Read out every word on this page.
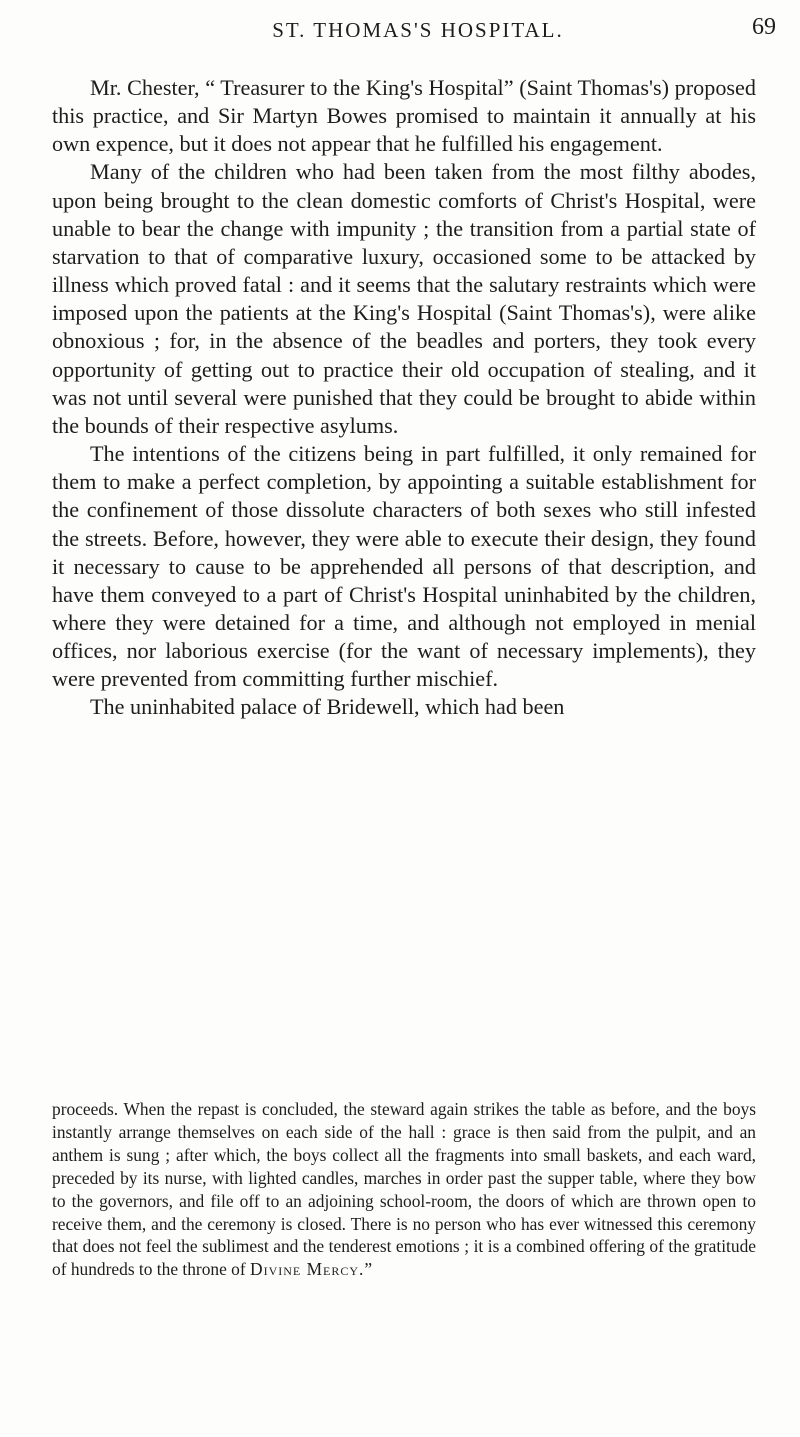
ST. THOMAS'S HOSPITAL.	69

Mr. Chester, “ Treasurer to the King's Hospital” (Saint Thomas's) proposed this practice, and Sir Martyn Bowes promised to maintain it annually at his own expence, but it does not appear that he fulfilled his engagement.

Many of the children who had been taken from the most filthy abodes, upon being brought to the clean domestic comforts of Christ's Hospital, were unable to bear the change with impunity ; the transition from a partial state of starvation to that of comparative luxury, occasioned some to be attacked by illness which proved fatal : and it seems that the salutary restraints which were imposed upon the patients at the King's Hospital (Saint Thomas's), were alike obnoxious ; for, in the absence of the beadles and porters, they took every opportunity of getting out to practice their old occupation of stealing, and it was not until several were punished that they could be brought to abide within the bounds of their respective asylums.

The intentions of the citizens being in part fulfilled, it only remained for them to make a perfect completion, by appointing a suitable establishment for the confinement of those dissolute characters of both sexes who still infested the streets. Before, however, they were able to execute their design, they found it necessary to cause to be apprehended all persons of that description, and have them conveyed to a part of Christ's Hospital uninhabited by the children, where they were detained for a time, and although not employed in menial offices, nor laborious exercise (for the want of necessary implements), they were prevented from committing further mischief.

The uninhabited palace of Bridewell, which had been

proceeds. When the repast is concluded, the steward again strikes the table as before, and the boys instantly arrange themselves on each side of the hall : grace is then said from the pulpit, and an anthem is sung ; after which, the boys collect all the fragments into small baskets, and each ward, preceded by its nurse, with lighted candles, marches in order past the supper table, where they bow to the governors, and file off to an adjoining school-room, the doors of which are thrown open to receive them, and the ceremony is closed. There is no person who has ever witnessed this ceremony that does not feel the sublimest and the tenderest emotions ; it is a combined offering of the gratitude of hundreds to the throne of Divine Mercy.”
